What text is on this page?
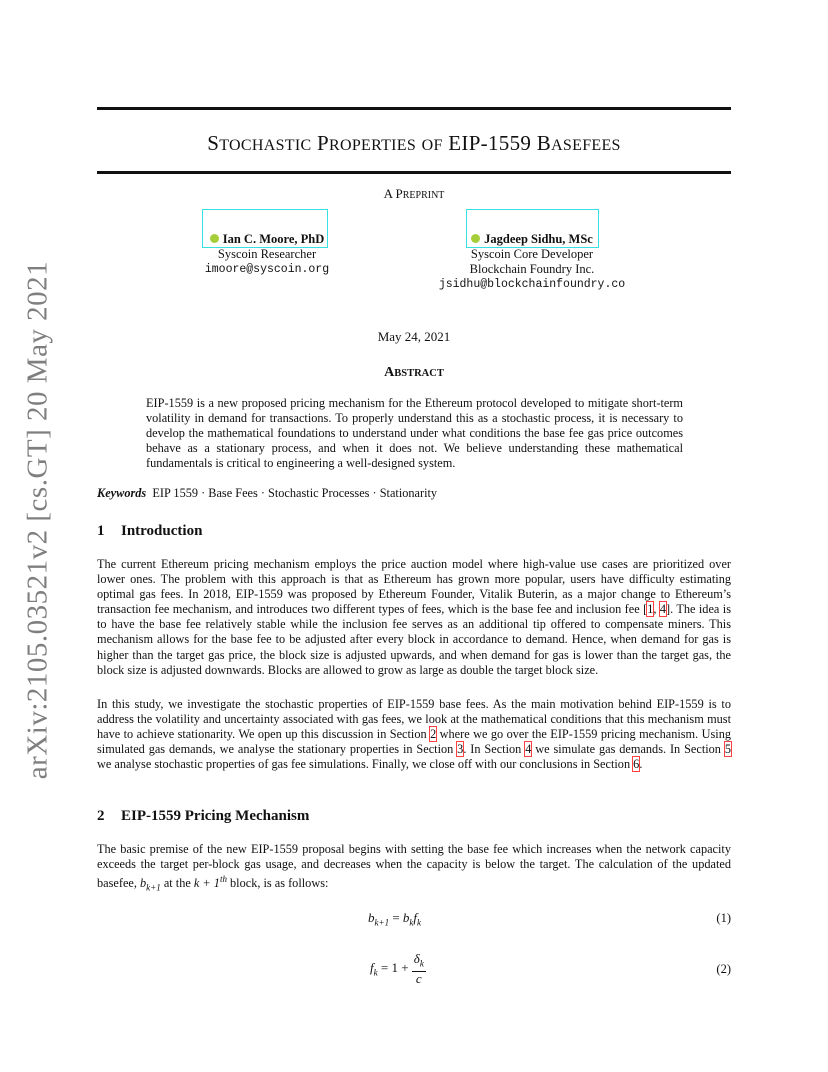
arXiv:2105.03521v2 [cs.GT] 20 May 2021
STOCHASTIC PROPERTIES OF EIP-1559 BASEFEES
A PREPRINT
Ian C. Moore, PhD
Syscoin Researcher
imoore@syscoin.org
Jagdeep Sidhu, MSc
Syscoin Core Developer
Blockchain Foundry Inc.
jsidhu@blockchainfoundry.co
May 24, 2021
ABSTRACT
EIP-1559 is a new proposed pricing mechanism for the Ethereum protocol developed to mitigate short-term volatility in demand for transactions. To properly understand this as a stochastic process, it is necessary to develop the mathematical foundations to understand under what conditions the base fee gas price outcomes behave as a stationary process, and when it does not. We believe understanding these mathematical fundamentals is critical to engineering a well-designed system.
Keywords EIP 1559 · Base Fees · Stochastic Processes · Stationarity
1 Introduction
The current Ethereum pricing mechanism employs the price auction model where high-value use cases are prioritized over lower ones. The problem with this approach is that as Ethereum has grown more popular, users have difficulty estimating optimal gas fees. In 2018, EIP-1559 was proposed by Ethereum Founder, Vitalik Buterin, as a major change to Ethereum’s transaction fee mechanism, and introduces two different types of fees, which is the base fee and inclusion fee [1, 4]. The idea is to have the base fee relatively stable while the inclusion fee serves as an additional tip offered to compensate miners. This mechanism allows for the base fee to be adjusted after every block in accordance to demand. Hence, when demand for gas is higher than the target gas price, the block size is adjusted upwards, and when demand for gas is lower than the target gas, the block size is adjusted downwards. Blocks are allowed to grow as large as double the target block size.
In this study, we investigate the stochastic properties of EIP-1559 base fees. As the main motivation behind EIP-1559 is to address the volatility and uncertainty associated with gas fees, we look at the mathematical conditions that this mechanism must have to achieve stationarity. We open up this discussion in Section 2 where we go over the EIP-1559 pricing mechanism. Using simulated gas demands, we analyse the stationary properties in Section 3. In Section 4 we simulate gas demands. In Section 5 we analyse stochastic properties of gas fee simulations. Finally, we close off with our conclusions in Section 6.
2 EIP-1559 Pricing Mechanism
The basic premise of the new EIP-1559 proposal begins with setting the base fee which increases when the network capacity exceeds the target per-block gas usage, and decreases when the capacity is below the target. The calculation of the updated basefee, $b_{k+1}$ at the k + 1th block, is as follows:
$b_{k+1} = b_kf_k$	(1)
$f_k = 1 + \frac{\delta_k}{c}$	(2)
